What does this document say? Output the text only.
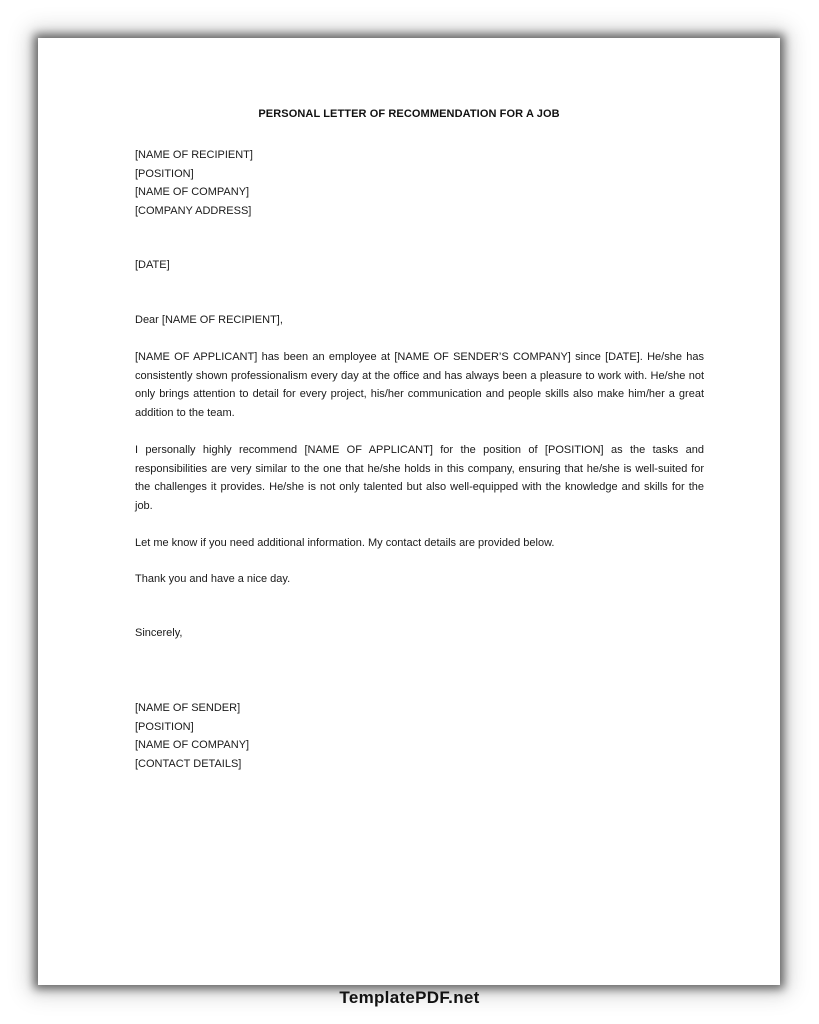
PERSONAL LETTER OF RECOMMENDATION FOR A JOB
[NAME OF RECIPIENT]
[POSITION]
[NAME OF COMPANY]
[COMPANY ADDRESS]
[DATE]
Dear [NAME OF RECIPIENT],

[NAME OF APPLICANT] has been an employee at [NAME OF SENDER’S COMPANY] since [DATE]. He/she has consistently shown professionalism every day at the office and has always been a pleasure to work with. He/she not only brings attention to detail for every project, his/her communication and people skills also make him/her a great addition to the team.

I personally highly recommend [NAME OF APPLICANT] for the position of [POSITION] as the tasks and responsibilities are very similar to the one that he/she holds in this company, ensuring that he/she is well-suited for the challenges it provides. He/she is not only talented but also well-equipped with the knowledge and skills for the job.

Let me know if you need additional information. My contact details are provided below.
Thank you and have a nice day.
Sincerely,
[NAME OF SENDER]
[POSITION]
[NAME OF COMPANY]
[CONTACT DETAILS]
TemplatePDF.net
